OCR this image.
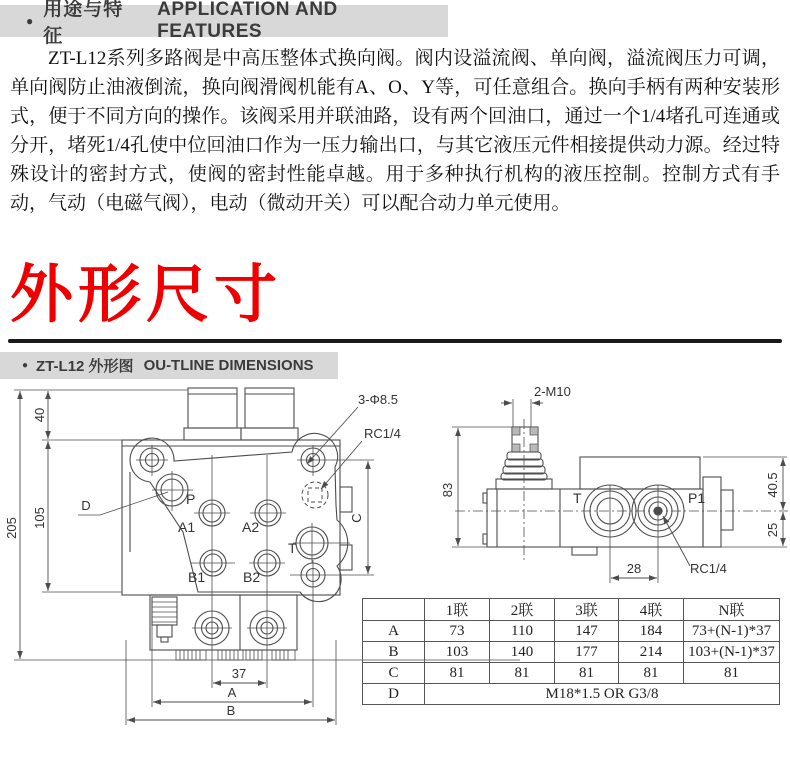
●
用途与特征
APPLICATION AND FEATURES

ZT-L12系列多路阀是中高压整体式换向阀。阀内设溢流阀、单向阀，溢流阀压力可调，单向阀防止油液倒流，换向阀滑阀机能有A、O、Y等，可任意组合。换向手柄有两种安装形式，便于不同方向的操作。该阀采用并联油路，设有两个回油口，通过一个1/4堵孔可连通或分开，堵死1/4孔使中位回油口作为一压力输出口，与其它液压元件相接提供动力源。经过特殊设计的密封方式，使阀的密封性能卓越。用于多种执行机构的液压控制。控制方式有手动，气动（电磁气阀），电动（微动开关）可以配合动力单元使用。

外形尺寸
● ZT-L12 外形图 OU-TLINE DIMENSIONS
205
40
105	C
37
A
B
3-Φ8.5
RC1/4
D	P
A1	A2
B1	B2
T
2-M10
83	40.5
25
28	RC1/4
T	P1
	1联	2联	3联	4联	N联
A	73	110	147	184	73+(N-1)*37
B	103	140	177	214	103+(N-1)*37
C	81	81	81	81	81
D	M18*1.5 OR G3/8				
